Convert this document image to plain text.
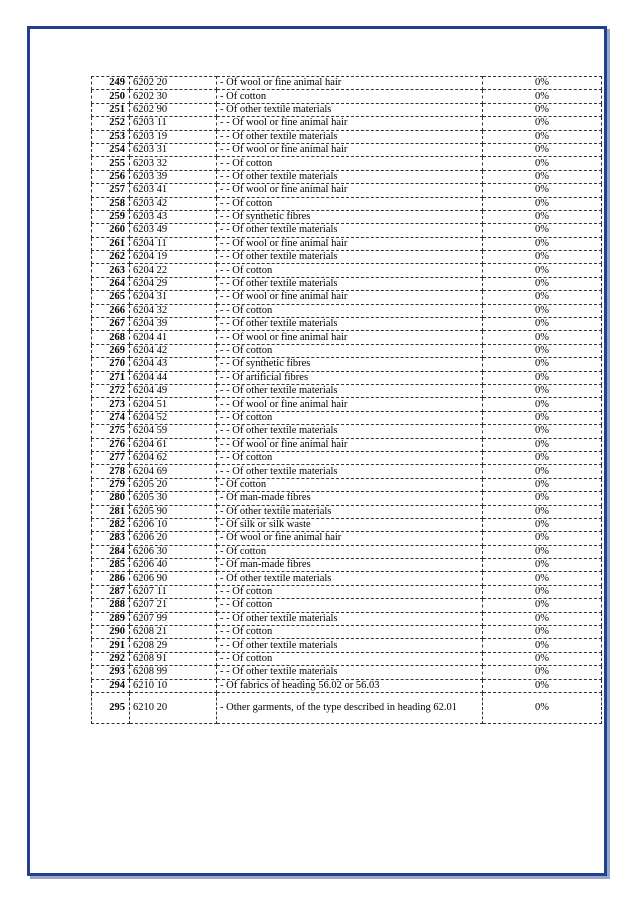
249	6202 20	- Of wool or fine animal hair	0%
250	6202 30	- Of cotton	0%
251	6202 90	- Of other textile materials	0%
252	6203 11	- - Of wool or fine animal hair	0%
253	6203 19	- - Of other textile materials	0%
254	6203 31	- - Of wool or fine animal hair	0%
255	6203 32	- - Of cotton	0%
256	6203 39	- - Of other textile materials	0%
257	6203 41	- - Of wool or fine animal hair	0%
258	6203 42	- - Of cotton	0%
259	6203 43	- - Of synthetic fibres	0%
260	6203 49	- - Of other textile materials	0%
261	6204 11	- - Of wool or fine animal hair	0%
262	6204 19	- - Of other textile materials	0%
263	6204 22	- - Of cotton	0%
264	6204 29	- - Of other textile materials	0%
265	6204 31	- - Of wool or fine animal hair	0%
266	6204 32	- - Of cotton	0%
267	6204 39	- - Of other textile materials	0%
268	6204 41	- - Of wool or fine animal hair	0%
269	6204 42	- - Of cotton	0%
270	6204 43	- - Of synthetic fibres	0%
271	6204 44	- - Of artificial fibres	0%
272	6204 49	- - Of other textile materials	0%
273	6204 51	- - Of wool or fine animal hair	0%
274	6204 52	- - Of cotton	0%
275	6204 59	- - Of other textile materials	0%
276	6204 61	- - Of wool or fine animal hair	0%
277	6204 62	- - Of cotton	0%
278	6204 69	- - Of other textile materials	0%
279	6205 20	- Of cotton	0%
280	6205 30	- Of man-made fibres	0%
281	6205 90	- Of other textile materials	0%
282	6206 10	- Of silk or silk waste	0%
283	6206 20	- Of wool or fine animal hair	0%
284	6206 30	- Of cotton	0%
285	6206 40	- Of man-made fibres	0%
286	6206 90	- Of other textile materials	0%
287	6207 11	- - Of cotton	0%
288	6207 21	- - Of cotton	0%
289	6207 99	- - Of other textile materials	0%
290	6208 21	- - Of cotton	0%
291	6208 29	- - Of other textile materials	0%
292	6208 91	- - Of cotton	0%
293	6208 99	- - Of other textile materials	0%
294	6210 10	- Of fabrics of heading 56.02 or 56.03	0%
295	6210 20	- Other garments, of the type described in heading 62.01	0%
